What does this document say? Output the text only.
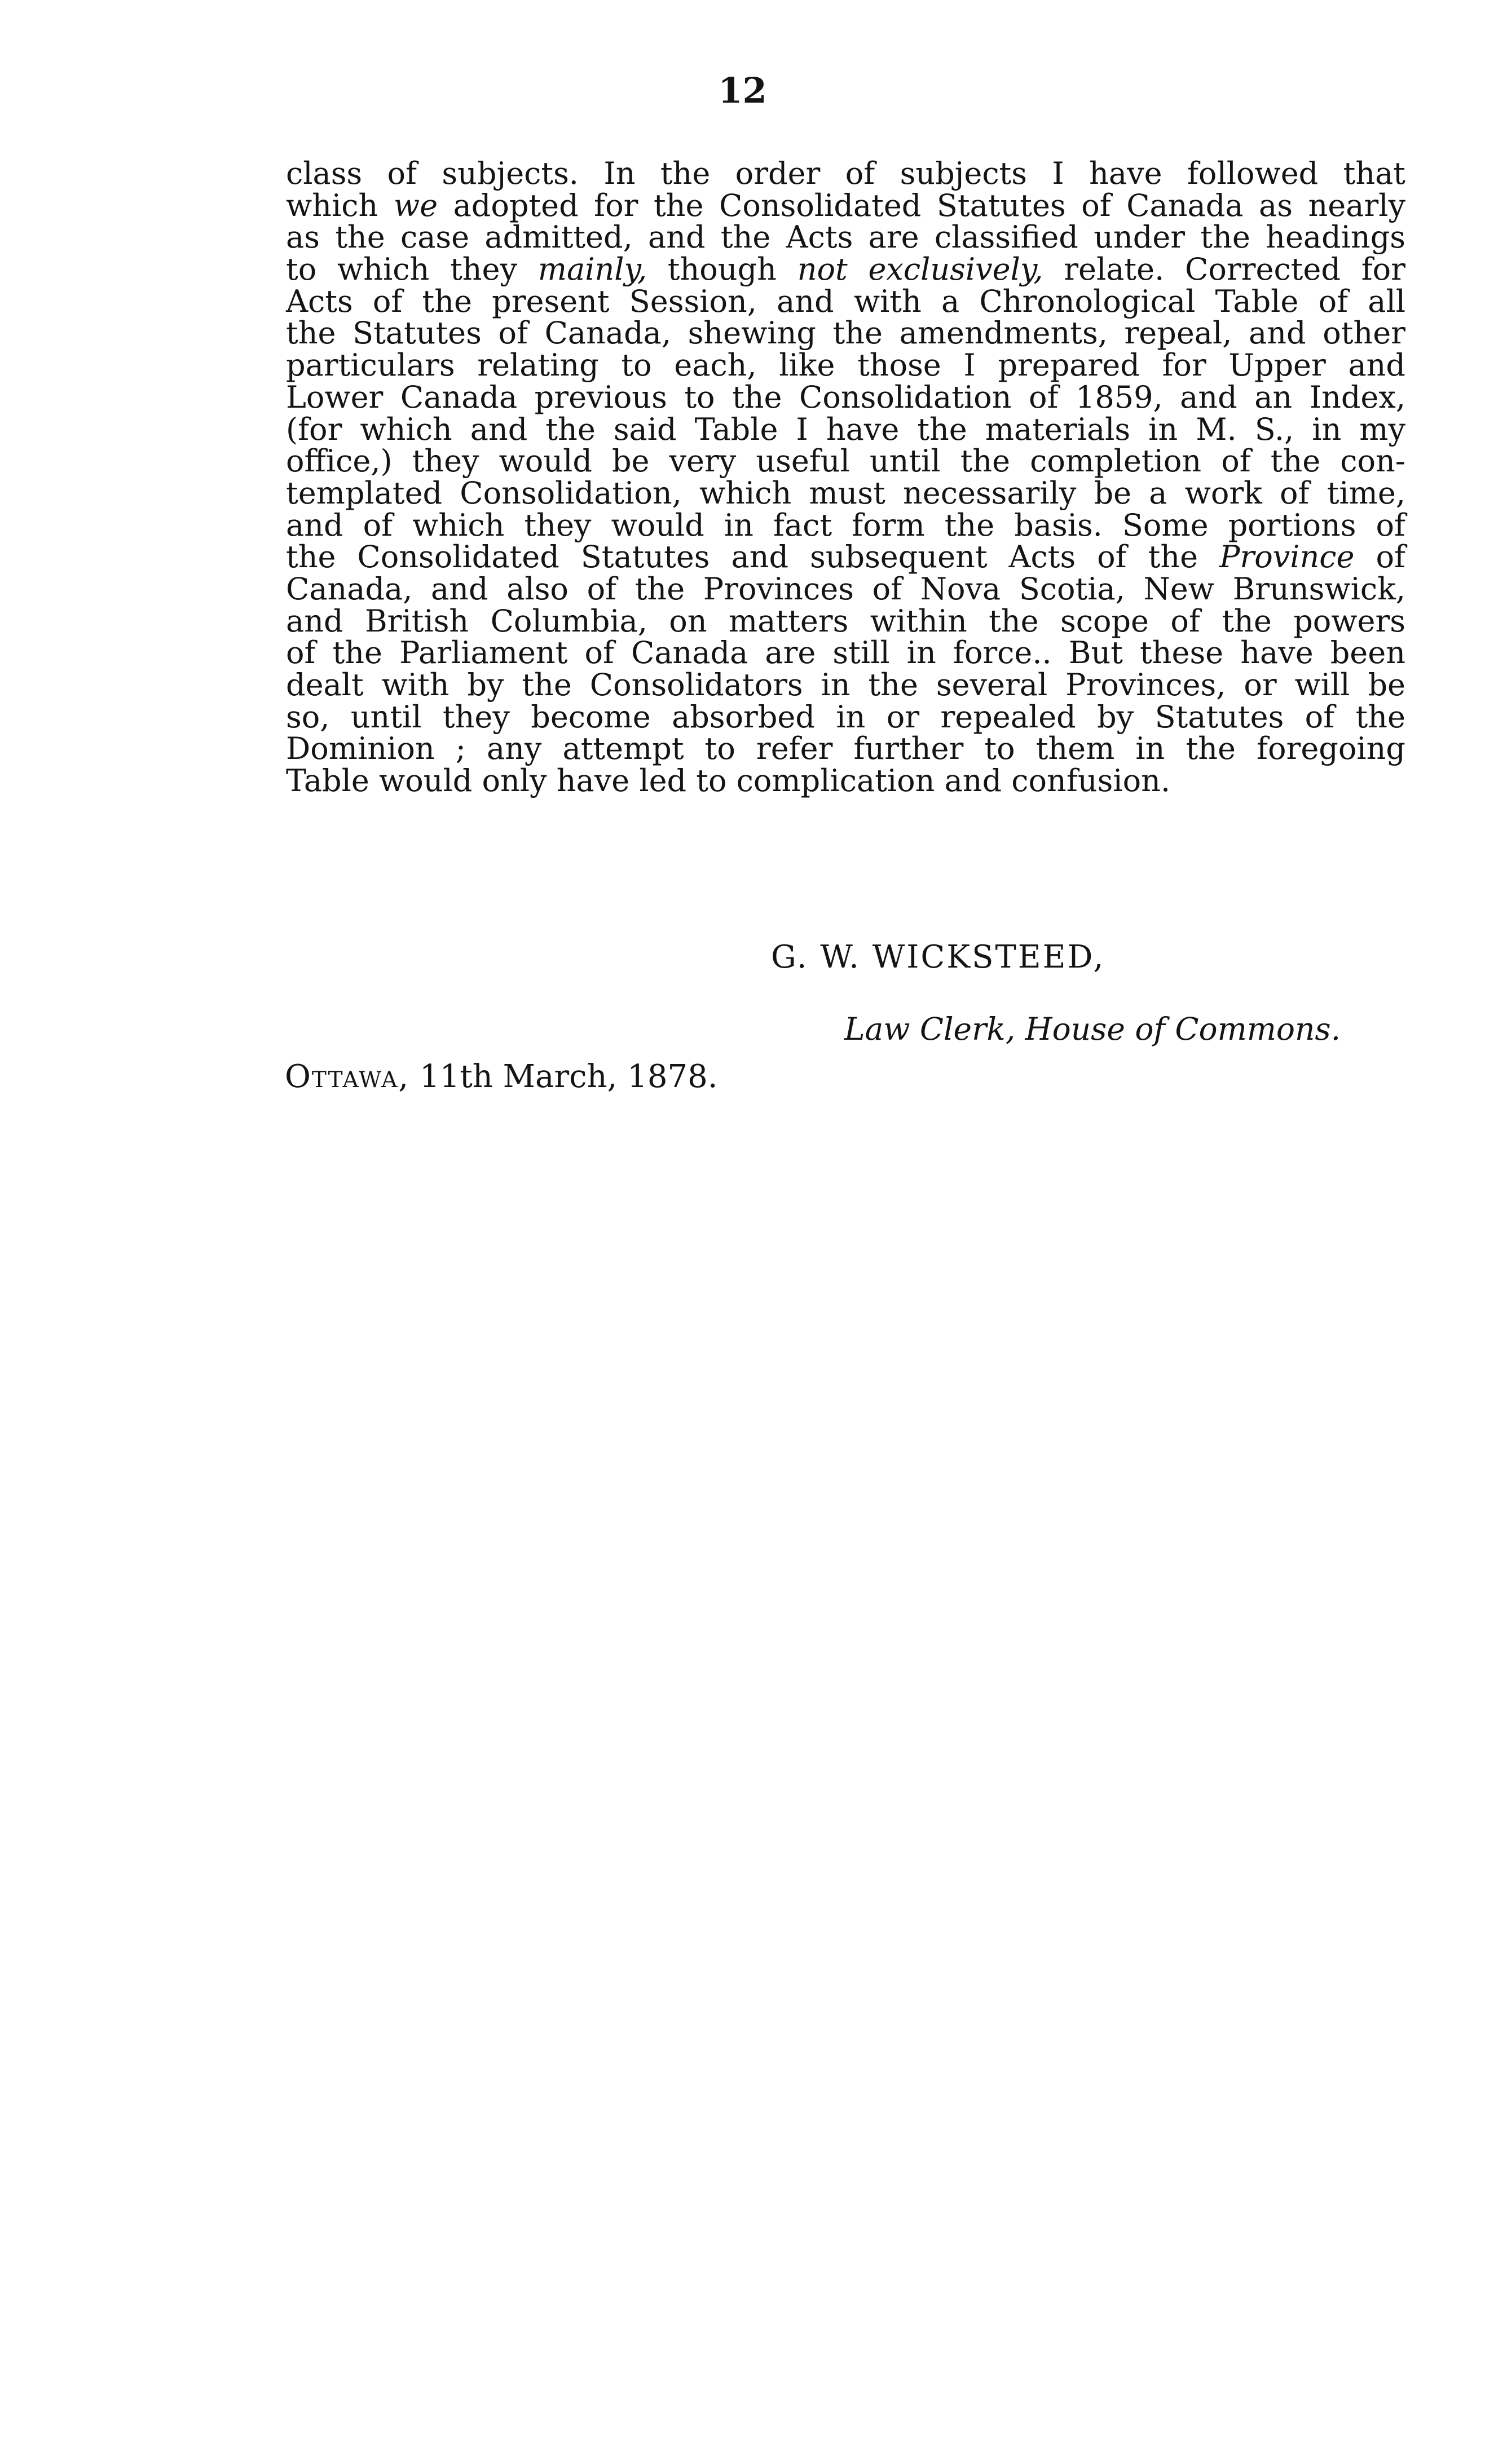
12
class of subjects. In the order of subjects I have followed that
which we adopted for the Consolidated Statutes of Canada as nearly
as the case admitted, and the Acts are classified under the headings
to which they mainly, though not exclusively, relate. Corrected for
Acts of the present Session, and with a Chronological Table of all
the Statutes of Canada, shewing the amendments, repeal, and other
particulars relating to each, like those I prepared for Upper and
Lower Canada previous to the Consolidation of 1859, and an Index,
(for which and the said Table I have the materials in M. S., in my
office,) they would be very useful until the completion of the con-
templated Consolidation, which must necessarily be a work of time,
and of which they would in fact form the basis. Some portions of
the Consolidated Statutes and subsequent Acts of the Province of
Canada, and also of the Provinces of Nova Scotia, New Brunswick,
and British Columbia, on matters within the scope of the powers
of the Parliament of Canada are still in force.. But these have been
dealt with by the Consolidators in the several Provinces, or will be
so, until they become absorbed in or repealed by Statutes of the
Dominion ; any attempt to refer further to them in the foregoing
Table would only have led to complication and confusion.
G. W. WICKSTEED,
Law Clerk, House of Commons.
Ottawa, 11th March, 1878.
